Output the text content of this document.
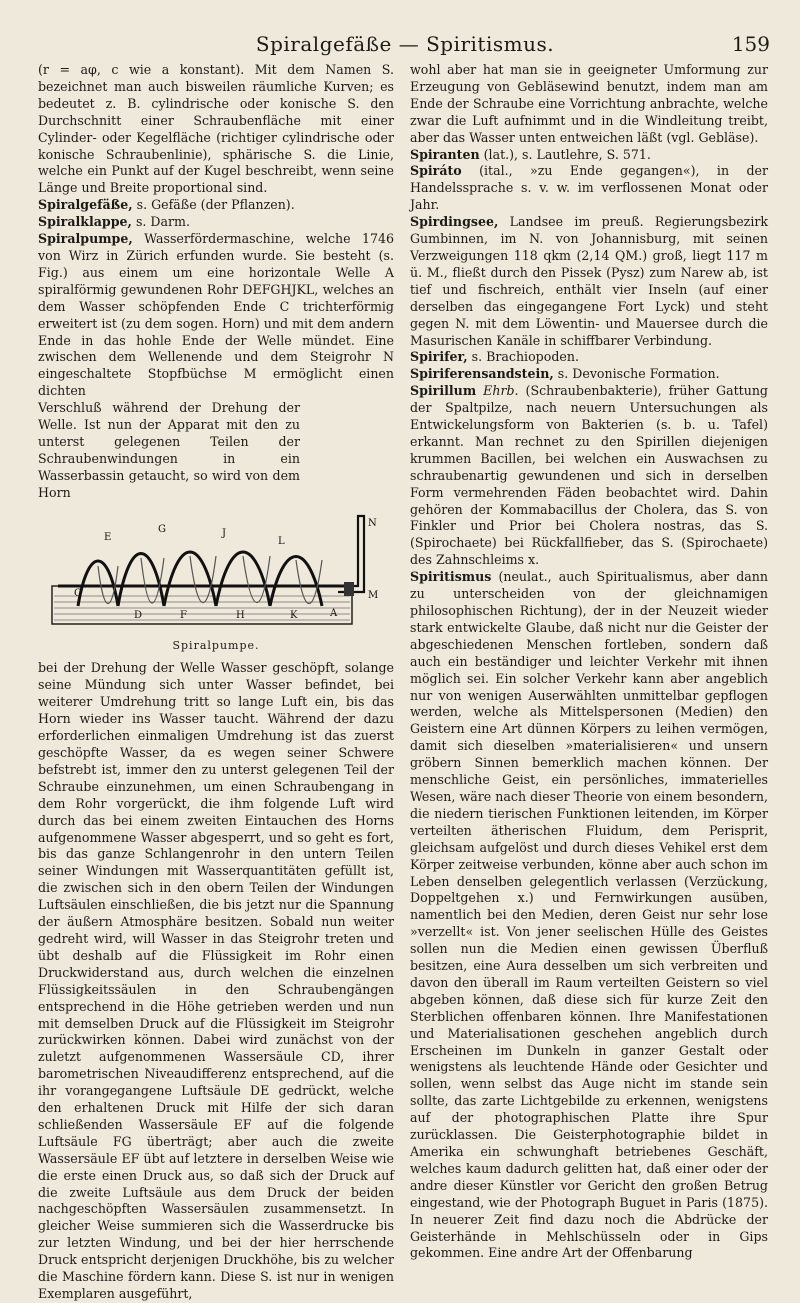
Spiralgefäße — Spiritismus.	159

(r = aφ, c wie a konstant). Mit dem Namen S. bezeichnet man auch bisweilen räumliche Kurven; es bedeutet z. B. cylindrische oder konische S. den Durchschnitt einer Schraubenfläche mit einer Cylinder- oder Kegelfläche (richtiger cylindrische oder konische Schraubenlinie), sphärische S. die Linie, welche ein Punkt auf der Kugel beschreibt, wenn seine Länge und Breite proportional sind.

Spiralgefäße, s. Gefäße (der Pflanzen).

Spiralklappe, s. Darm.

Spiralpumpe, Wasserfördermaschine, welche 1746 von Wirz in Zürich erfunden wurde. Sie besteht (s. Fig.) aus einem um eine horizontale Welle A spiralförmig gewundenen Rohr DEFGHJKL, welches an dem Wasser schöpfenden Ende C trichterförmig erweitert ist (zu dem sogen. Horn) und mit dem andern Ende in das hohle Ende der Welle mündet. Eine zwischen dem Wellenende und dem Steigrohr N eingeschaltete Stopfbüchse M ermöglicht einen dichten

Verschluß während der Drehung der Welle. Ist nun der Apparat mit den zu unterst gelegenen Teilen der Schraubenwindungen in ein Wasserbassin getaucht, so wird von dem Horn
C
E
G	J
L
D	F	H	K	A
N
M
Spiralpumpe.

bei der Drehung der Welle Wasser geschöpft, solange seine Mündung sich unter Wasser befindet, bei weiterer Umdrehung tritt so lange Luft ein, bis das Horn wieder ins Wasser taucht. Während der dazu erforderlichen einmaligen Umdrehung ist das zuerst geschöpfte Wasser, da es wegen seiner Schwere befstrebt ist, immer den zu unterst gelegenen Teil der Schraube einzunehmen, um einen Schraubengang in dem Rohr vorgerückt, die ihm folgende Luft wird durch das bei einem zweiten Eintauchen des Horns aufgenommene Wasser abgesperrt, und so geht es fort, bis das ganze Schlangenrohr in den untern Teilen seiner Windungen mit Wasserquantitäten gefüllt ist, die zwischen sich in den obern Teilen der Windungen Luftsäulen einschließen, die bis jetzt nur die Spannung der äußern Atmosphäre besitzen. Sobald nun weiter gedreht wird, will Wasser in das Steigrohr treten und übt deshalb auf die Flüssigkeit im Rohr einen Druckwiderstand aus, durch welchen die einzelnen Flüssigkeitssäulen in den Schraubengängen entsprechend in die Höhe getrieben werden und nun mit demselben Druck auf die Flüssigkeit im Steigrohr zurückwirken können. Dabei wird zunächst von der zuletzt aufgenommenen Wassersäule CD, ihrer barometrischen Niveaudifferenz entsprechend, auf die ihr vorangegangene Luftsäule DE gedrückt, welche den erhaltenen Druck mit Hilfe der sich daran schließenden Wassersäule EF auf die folgende Luftsäule FG überträgt; aber auch die zweite Wassersäule EF übt auf letztere in derselben Weise wie die erste einen Druck aus, so daß sich der Druck auf die zweite Luftsäule aus dem Druck der beiden nachgeschöpften Wassersäulen zusammensetzt. In gleicher Weise summieren sich die Wasserdrucke bis zur letzten Windung, und bei der hier herrschende Druck entspricht derjenigen Druckhöhe, bis zu welcher die Maschine fördern kann. Diese S. ist nur in wenigen Exemplaren ausgeführt,

wohl aber hat man sie in geeigneter Umformung zur Erzeugung von Gebläsewind benutzt, indem man am Ende der Schraube eine Vorrichtung anbrachte, welche zwar die Luft aufnimmt und in die Windleitung treibt, aber das Wasser unten entweichen läßt (vgl. Gebläse).

Spiranten (lat.), s. Lautlehre, S. 571.

Spiráto (ital., »zu Ende gegangen«), in der Handelssprache s. v. w. im verflossenen Monat oder Jahr.

Spirdingsee, Landsee im preuß. Regierungsbezirk Gumbinnen, im N. von Johannisburg, mit seinen Verzweigungen 118 qkm (2,14 QM.) groß, liegt 117 m ü. M., fließt durch den Pissek (Pysz) zum Narew ab, ist tief und fischreich, enthält vier Inseln (auf einer derselben das eingegangene Fort Lyck) und steht gegen N. mit dem Löwentin- und Mauersee durch die Masurischen Kanäle in schiffbarer Verbindung.

Spirifer, s. Brachiopoden.

Spiriferensandstein, s. Devonische Formation.

Spirillum Ehrb. (Schraubenbakterie), früher Gattung der Spaltpilze, nach neuern Untersuchungen als Entwickelungsform von Bakterien (s. b. u. Tafel) erkannt. Man rechnet zu den Spirillen diejenigen krummen Bacillen, bei welchen ein Auswachsen zu schraubenartig gewundenen und sich in derselben Form vermehrenden Fäden beobachtet wird. Dahin gehören der Kommabacillus der Cholera, das S. von Finkler und Prior bei Cholera nostras, das S. (Spirochaete) bei Rückfallfieber, das S. (Spirochaete) des Zahnschleims x.

Spiritismus (neulat., auch Spiritualismus, aber dann zu unterscheiden von der gleichnamigen philosophischen Richtung), der in der Neuzeit wieder stark entwickelte Glaube, daß nicht nur die Geister der abgeschiedenen Menschen fortleben, sondern daß auch ein beständiger und leichter Verkehr mit ihnen möglich sei. Ein solcher Verkehr kann aber angeblich nur von wenigen Auserwählten unmittelbar gepflogen werden, welche als Mittelspersonen (Medien) den Geistern eine Art dünnen Körpers zu leihen vermögen, damit sich dieselben »materialisieren« und unsern gröbern Sinnen bemerklich machen können. Der menschliche Geist, ein persönliches, immaterielles Wesen, wäre nach dieser Theorie von einem besondern, die niedern tierischen Funktionen leitenden, im Körper verteilten ätherischen Fluidum, dem Perisprit, gleichsam aufgelöst und durch dieses Vehikel erst dem Körper zeitweise verbunden, könne aber auch schon im Leben denselben gelegentlich verlassen (Verzückung, Doppeltgehen x.) und Fernwirkungen ausüben, namentlich bei den Medien, deren Geist nur sehr lose »verzellt« ist. Von jener seelischen Hülle des Geistes sollen nun die Medien einen gewissen Überfluß besitzen, eine Aura desselben um sich verbreiten und davon den überall im Raum verteilten Geistern so viel abgeben können, daß diese sich für kurze Zeit den Sterblichen offenbaren können. Ihre Manifestationen und Materialisationen geschehen angeblich durch Erscheinen im Dunkeln in ganzer Gestalt oder wenigstens als leuchtende Hände oder Gesichter und sollen, wenn selbst das Auge nicht im stande sein sollte, das zarte Lichtgebilde zu erkennen, wenigstens auf der photographischen Platte ihre Spur zurücklassen. Die Geisterphotographie bildet in Amerika ein schwunghaft betriebenes Geschäft, welches kaum dadurch gelitten hat, daß einer oder der andre dieser Künstler vor Gericht den großen Betrug eingestand, wie der Photograph Buguet in Paris (1875). In neuerer Zeit find dazu noch die Abdrücke der Geisterhände in Mehlschüsseln oder in Gips gekommen. Eine andre Art der Offenbarung
